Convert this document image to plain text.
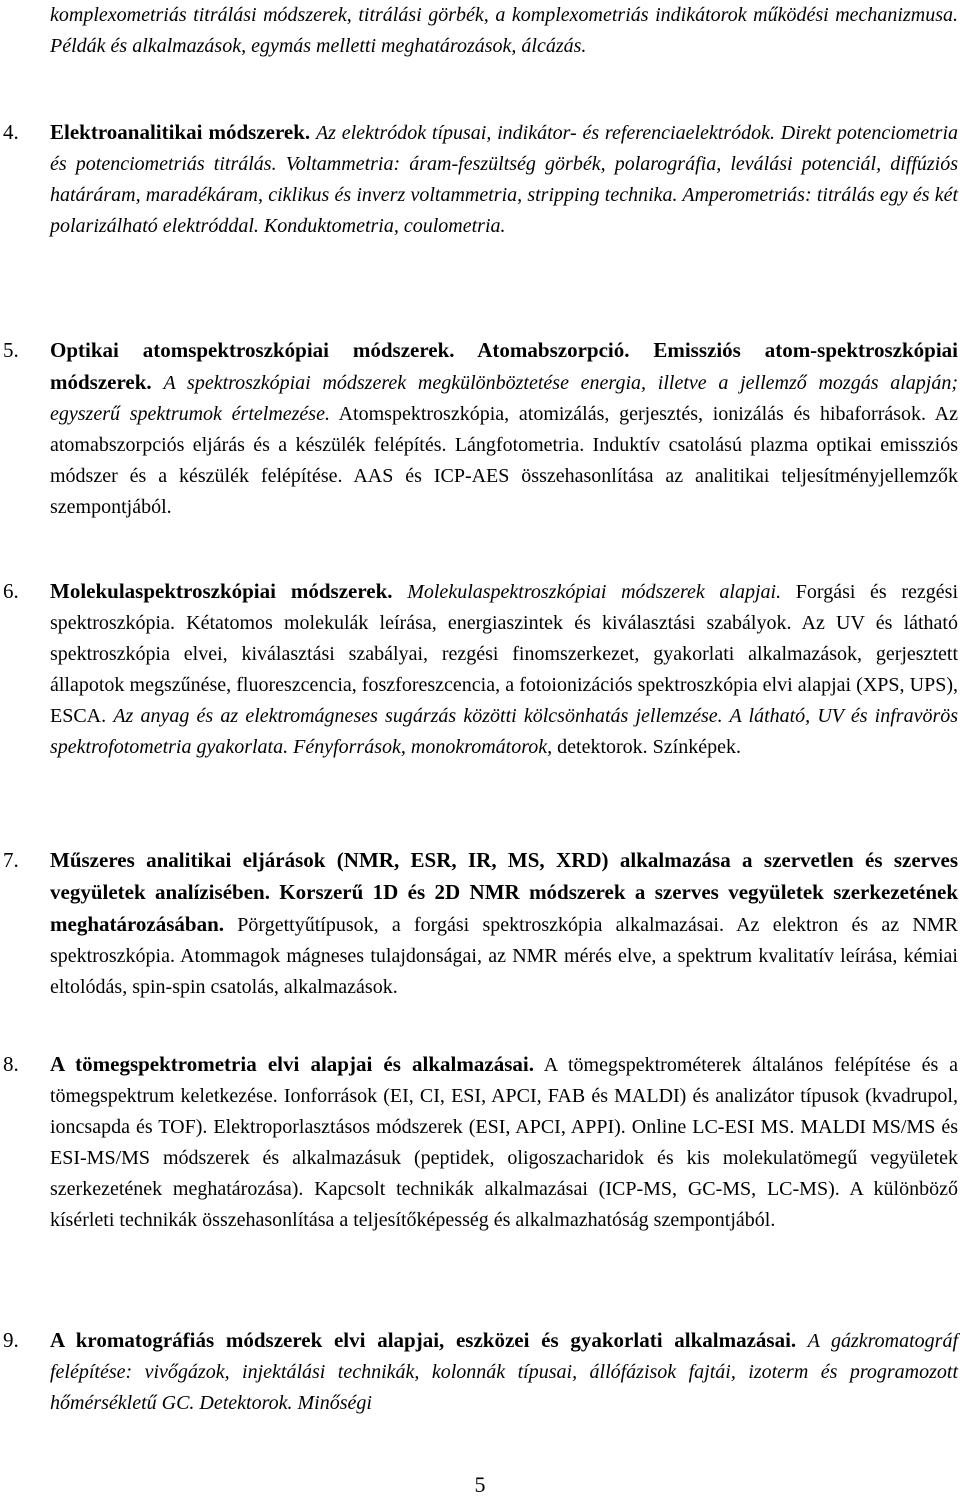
komplexometriás titrálási módszerek, titrálási görbék, a komplexometriás indikátorok működési mechanizmusa. Példák és alkalmazások, egymás melletti meghatározások, álcázás.
4. Elektroanalitikai módszerek. Az elektródok típusai, indikátor- és referenciaelektródok. Direkt potenciometria és potenciometriás titrálás. Voltammetria: áram-feszültség görbék, polarográfia, leválási potenciál, diffúziós határáram, maradékáram, ciklikus és inverz voltammetria, stripping technika. Amperometriás: titrálás egy és két polarizálható elektróddal. Konduktometria, coulometria.
5. Optikai atomspektroszkópiai módszerek. Atomabszorpció. Emissziós atom-spektroszkópiai módszerek. A spektroszkópiai módszerek megkülönböztetése energia, illetve a jellemző mozgás alapján; egyszerű spektrumok értelmezése. Atomspektroszkópia, atomizálás, gerjesztés, ionizálás és hibaforrások. Az atomabszorpciós eljárás és a készülék felépítés. Lángfotometria. Induktív csatolású plazma optikai emissziós módszer és a készülék felépítése. AAS és ICP-AES összehasonlítása az analitikai teljesítményjellemzők szempontjából.
6. Molekulaspektroszkópiai módszerek. Molekulaspektroszkópiai módszerek alapjai. Forgási és rezgési spektroszkópia. Kétatomos molekulák leírása, energiaszintek és kiválasztási szabályok. Az UV és látható spektroszkópia elvei, kiválasztási szabályai, rezgési finomszerkezet, gyakorlati alkalmazások, gerjesztett állapotok megszűnése, fluoreszcencia, foszforeszcencia, a fotoionizációs spektroszkópia elvi alapjai (XPS, UPS), ESCA. Az anyag és az elektromágneses sugárzás közötti kölcsönhatás jellemzése. A látható, UV és infravörös spektrofotometria gyakorlata. Fényforrások, monokromátorok, detektorok. Színképek.
7. Műszeres analitikai eljárások (NMR, ESR, IR, MS, XRD) alkalmazása a szervetlen és szerves vegyületek analízisében. Korszerű 1D és 2D NMR módszerek a szerves vegyületek szerkezetének meghatározásában. Pörgettyűtípusok, a forgási spektroszkópia alkalmazásai. Az elektron és az NMR spektroszkópia. Atommagok mágneses tulajdonságai, az NMR mérés elve, a spektrum kvalitatív leírása, kémiai eltolódás, spin-spin csatolás, alkalmazások.
8. A tömegspektrometria elvi alapjai és alkalmazásai. A tömegspektrométerek általános felépítése és a tömegspektrum keletkezése. Ionforrások (EI, CI, ESI, APCI, FAB és MALDI) és analizátor típusok (kvadrupol, ioncsapda és TOF). Elektroporlasztásos módszerek (ESI, APCI, APPI). Online LC-ESI MS. MALDI MS/MS és ESI-MS/MS módszerek és alkalmazásuk (peptidek, oligoszacharidok és kis molekulatömegű vegyületek szerkezetének meghatározása). Kapcsolt technikák alkalmazásai (ICP-MS, GC-MS, LC-MS). A különböző kísérleti technikák összehasonlítása a teljesítőképesség és alkalmazhatóság szempontjából.
9. A kromatográfiás módszerek elvi alapjai, eszközei és gyakorlati alkalmazásai. A gázkromatográf felépítése: vivőgázok, injektálási technikák, kolonnák típusai, állófázisok fajtái, izoterm és programozott hőmérsékletű GC. Detektorok. Minőségi
5
